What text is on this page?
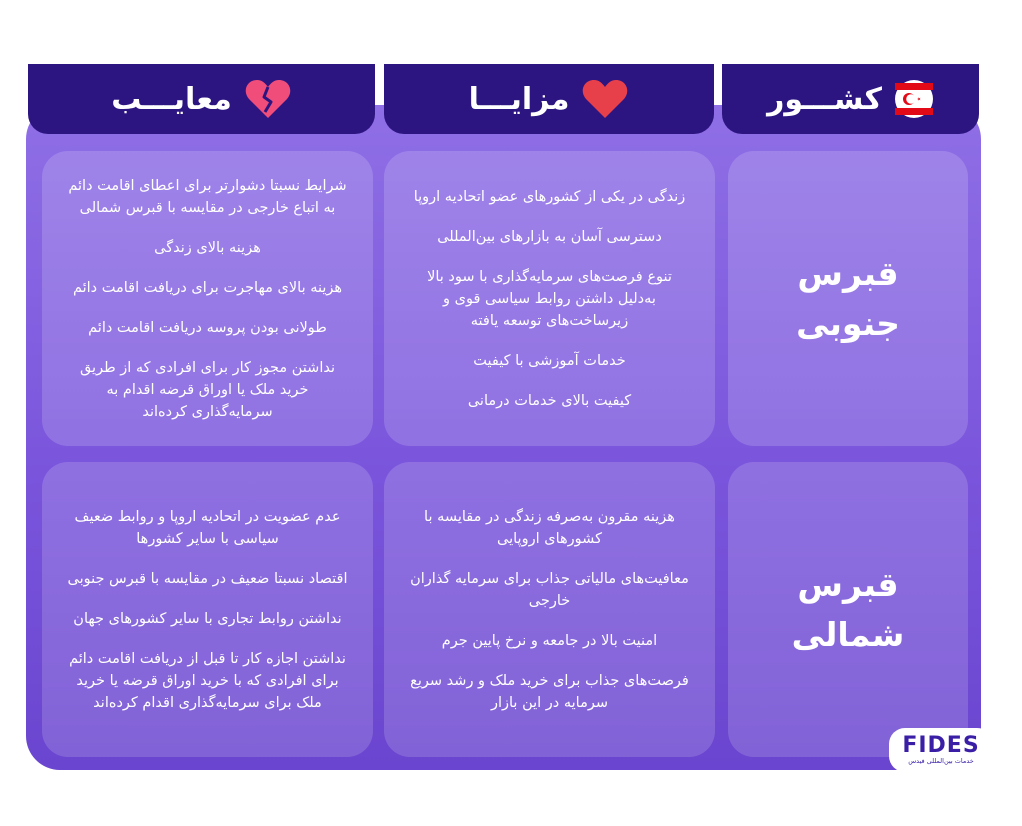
معایـــب	مزایـــا	کشـــور
شرایط نسبتا دشوارتر برای اعطای اقامت دائم به اتباع خارجی در مقایسه با قبرس شمالی
هزینه بالای زندگی
هزینه بالای مهاجرت برای دریافت اقامت دائم
طولانی بودن پروسه دریافت اقامت دائم
نداشتن مجوز کار برای افرادی که از طریق خرید ملک یا اوراق قرضه اقدام به سرمایه‌گذاری کرده‌اند
زندگی در یکی از کشورهای عضو اتحادیه اروپا
دسترسی آسان به بازارهای بین‌المللی
تنوع فرصت‌های سرمایه‌گذاری با سود بالا به‌دلیل داشتن روابط سیاسی قوی و زیرساخت‌های توسعه یافته
خدمات آموزشی با کیفیت
کیفیت بالای خدمات درمانی
قبرس
جنوبی
عدم عضویت در اتحادیه اروپا و روابط ضعیف سیاسی با سایر کشورها
اقتصاد نسبتا ضعیف در مقایسه با قبرس جنوبی
نداشتن روابط تجاری با سایر کشورهای جهان
نداشتن اجازه کار تا قبل از دریافت اقامت دائم برای افرادی که با خرید اوراق قرضه یا خرید ملک برای سرمایه‌گذاری اقدام کرده‌اند
هزینه مقرون به‌صرفه زندگی در مقایسه با کشورهای اروپایی
معافیت‌های مالیاتی جذاب برای سرمایه گذاران خارجی
امنیت بالا در جامعه و نرخ پایین جرم
فرصت‌های جذاب برای خرید ملک و رشد سریع سرمایه در این بازار
قبرس
شمالی
FIDES
خدمات بین‌المللی فیدس
